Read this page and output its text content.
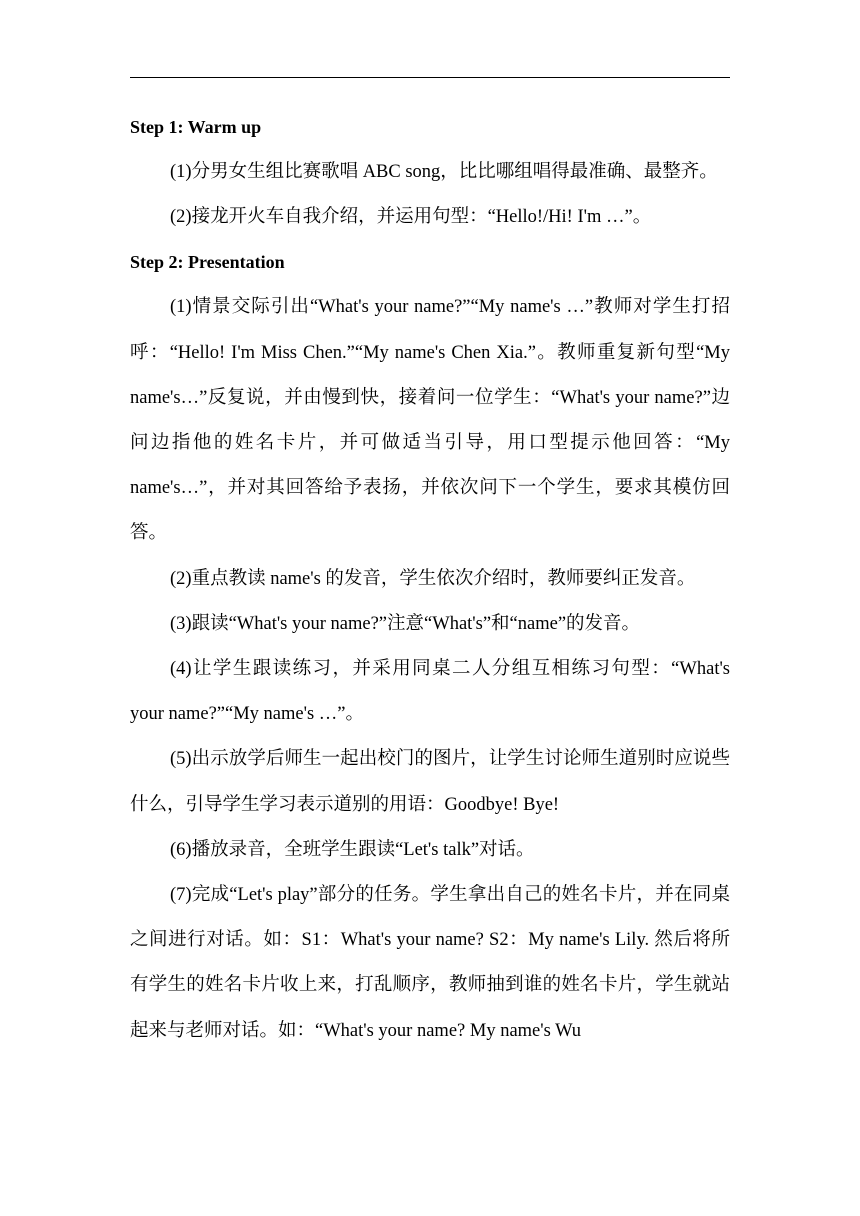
Step 1: Warm up

(1)分男女生组比赛歌唱 ABC song，比比哪组唱得最准确、最整齐。

(2)接龙开火车自我介绍，并运用句型：“Hello!/Hi! I'm …”。

Step 2: Presentation

(1)情景交际引出“What's your name?”“My name's …”教师对学生打招呼：“Hello! I'm Miss Chen.”“My name's Chen Xia.”。教师重复新句型“My name's…”反复说，并由慢到快，接着问一位学生：“What's your name?”边问边指他的姓名卡片，并可做适当引导，用口型提示他回答：“My name's…”，并对其回答给予表扬，并依次问下一个学生，要求其模仿回答。

(2)重点教读 name's 的发音，学生依次介绍时，教师要纠正发音。

(3)跟读“What's your name?”注意“What's”和“name”的发音。

(4)让学生跟读练习，并采用同桌二人分组互相练习句型：“What's your name?”“My name's …”。

(5)出示放学后师生一起出校门的图片，让学生讨论师生道别时应说些什么，引导学生学习表示道别的用语：Goodbye! Bye!

(6)播放录音，全班学生跟读“Let's talk”对话。

(7)完成“Let's play”部分的任务。学生拿出自己的姓名卡片，并在同桌之间进行对话。如：S1：What's your name? S2：My name's Lily. 然后将所有学生的姓名卡片收上来，打乱顺序，教师抽到谁的姓名卡片，学生就站起来与老师对话。如：“What's your name? My name's Wu
